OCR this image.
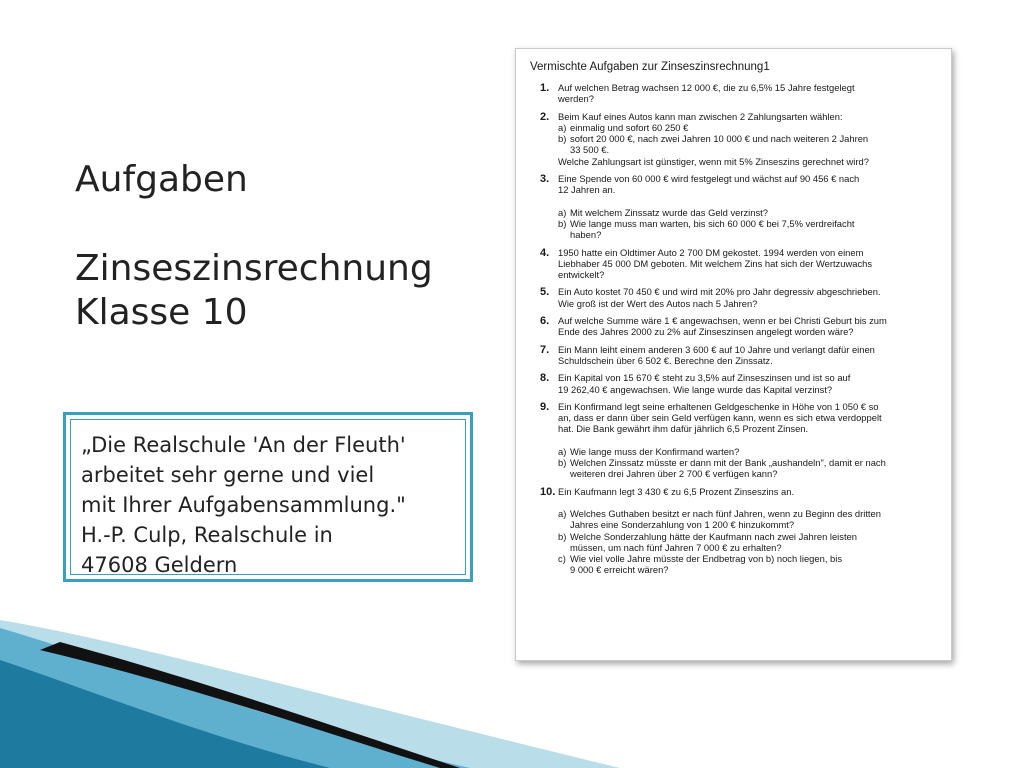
Aufgaben
Zinseszinsrechnung
Klasse 10
„Die Realschule 'An der Fleuth'
arbeitet sehr gerne und viel
mit Ihrer Aufgabensammlung."
H.-P. Culp, Realschule in
47608 Geldern
Vermischte Aufgaben zur Zinseszinsrechnung1
1. Auf welchen Betrag wachsen 12 000 €, die zu 6,5% 15 Jahre festgelegt
werden?
2. Beim Kauf eines Autos kann man zwischen 2 Zahlungsarten wählen:
a) einmalig und sofort 60 250 €
b) sofort 20 000 €, nach zwei Jahren 10 000 € und nach weiteren 2 Jahren
33 500 €.
Welche Zahlungsart ist günstiger, wenn mit 5% Zinseszins gerechnet wird?
3. Eine Spende von 60 000 € wird festgelegt und wächst auf 90 456 € nach
12 Jahren an.
a) Mit welchem Zinssatz wurde das Geld verzinst?
b) Wie lange muss man warten, bis sich 60 000 € bei 7,5% verdreifacht
haben?
4. 1950 hatte ein Oldtimer Auto 2 700 DM gekostet. 1994 werden von einem
Liebhaber 45 000 DM geboten. Mit welchem Zins hat sich der Wertzuwachs
entwickelt?
5. Ein Auto kostet 70 450 € und wird mit 20% pro Jahr degressiv abgeschrieben.
Wie groß ist der Wert des Autos nach 5 Jahren?
6. Auf welche Summe wäre 1 € angewachsen, wenn er bei Christi Geburt bis zum
Ende des Jahres 2000 zu 2% auf Zinseszinsen angelegt worden wäre?
7. Ein Mann leiht einem anderen 3 600 € auf 10 Jahre und verlangt dafür einen
Schuldschein über 6 502 €. Berechne den Zinssatz.
8. Ein Kapital von 15 670 € steht zu 3,5% auf Zinseszinsen und ist so auf
19 262,40 € angewachsen. Wie lange wurde das Kapital verzinst?
9. Ein Konfirmand legt seine erhaltenen Geldgeschenke in Höhe von 1 050 € so
an, dass er dann über sein Geld verfügen kann, wenn es sich etwa verdoppelt
hat. Die Bank gewährt ihm dafür jährlich 6,5 Prozent Zinsen.
a) Wie lange muss der Konfirmand warten?
b) Welchen Zinssatz müsste er dann mit der Bank „aushandeln", damit er nach
weiteren drei Jahren über 2 700 € verfügen kann?
10. Ein Kaufmann legt 3 430 € zu 6,5 Prozent Zinseszins an.
a) Welches Guthaben besitzt er nach fünf Jahren, wenn zu Beginn des dritten
Jahres eine Sonderzahlung von 1 200 € hinzukommt?
b) Welche Sonderzahlung hätte der Kaufmann nach zwei Jahren leisten
müssen, um nach fünf Jahren 7 000 € zu erhalten?
c) Wie viel volle Jahre müsste der Endbetrag von b) noch liegen, bis
9 000 € erreicht wären?
